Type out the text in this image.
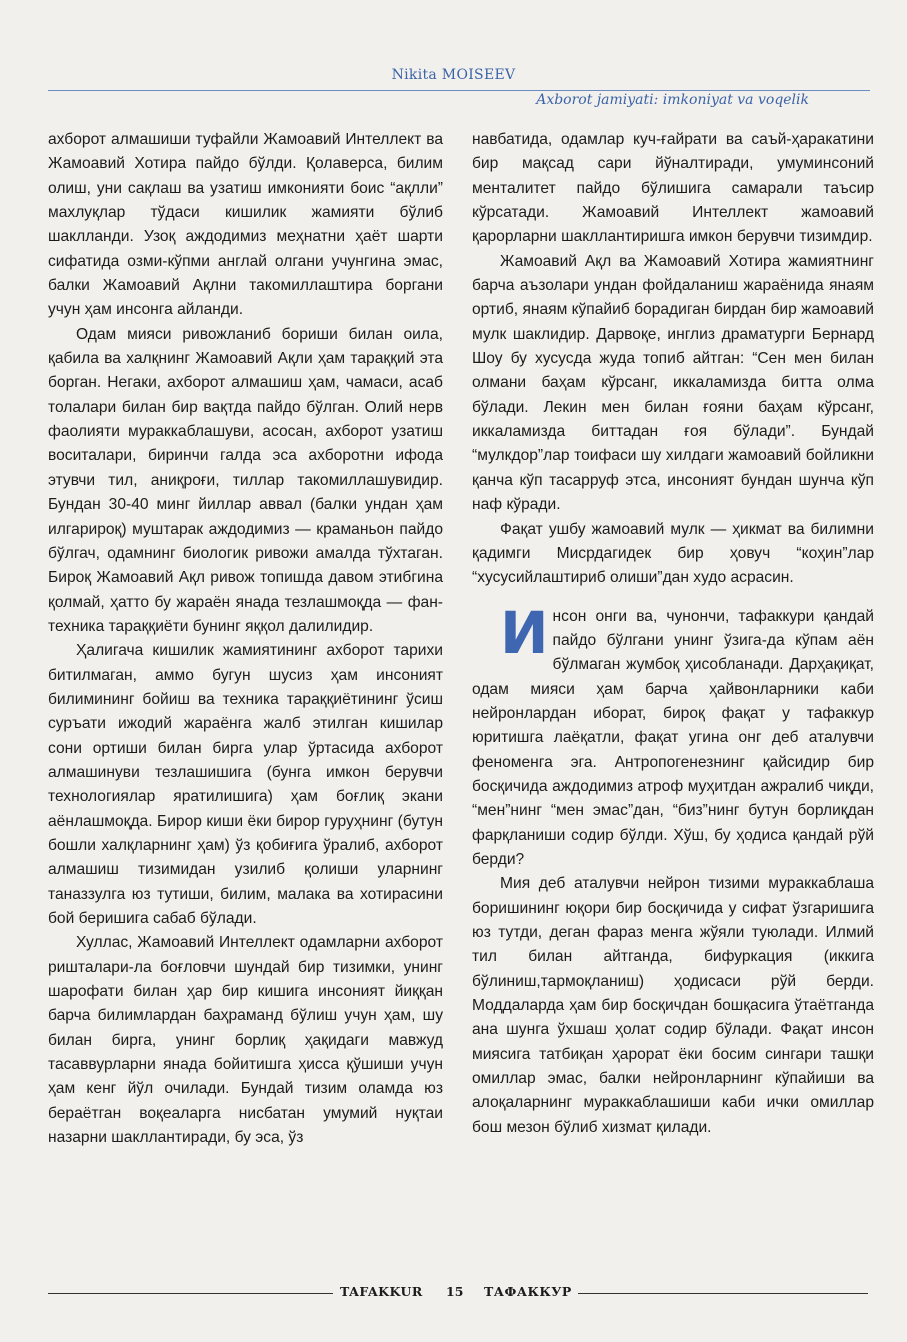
Nikita MOISEEV
Axborot jamiyati: imkoniyat va voqelik

ахборот алмашиши туфайли Жамоавий Интеллект ва Жамоавий Хотира пайдо бўлди. Қолаверса, билим олиш, уни сақлаш ва узатиш имконияти боис “ақлли” махлуқлар тўдаси кишилик жамияти бўлиб шаклланди. Узоқ аждодимиз меҳнатни ҳаёт шарти сифатида озми-кўпми англай олгани учунгина эмас, балки Жамоавий Ақлни такомиллаштира боргани учун ҳам инсонга айланди.

Одам мияси ривожланиб бориши билан оила, қабила ва халқнинг Жамоавий Ақли ҳам тараққий эта борган. Негаки, ахборот алмашиш ҳам, чамаси, асаб толалари билан бир вақтда пайдо бўлган. Олий нерв фаолияти мураккаблашуви, асосан, ахборот узатиш воситалари, биринчи галда эса ахборотни ифода этувчи тил, аниқроғи, тиллар такомиллашувидир. Бундан 30-40 минг йиллар аввал (балки ундан ҳам илгарироқ) муштарак аждодимиз — краманьон пайдо бўлгач, одамнинг биологик ривожи амалда тўхтаган. Бироқ Жамоавий Ақл ривож топишда давом этибгина қолмай, ҳатто бу жараён янада тезлашмоқда — фан-техника тараққиёти бунинг яққол далилидир.

Ҳалигача кишилик жамиятининг ахборот тарихи битилмаган, аммо бугун шусиз ҳам инсоният билимининг бойиш ва техника тараққиётининг ўсиш суръати ижодий жараёнга жалб этилган кишилар сони ортиши билан бирга улар ўртасида ахборот алмашинуви тезлашишига (бунга имкон берувчи технологиялар яратилишига) ҳам боғлиқ экани аёнлашмоқда. Бирор киши ёки бирор гуруҳнинг (бутун бошли халқларнинг ҳам) ўз қобиғига ўралиб, ахборот алмашиш тизимидан узилиб қолиши уларнинг таназзулга юз тутиши, билим, малака ва хотирасини бой беришига сабаб бўлади.

Хуллас, Жамоавий Интеллект одамларни ахборот ришталари-ла боғловчи шундай бир тизимки, унинг шарофати билан ҳар бир кишига инсоният йиққан барча билимлардан баҳраманд бўлиш учун ҳам, шу билан бирга, унинг борлиқ ҳақидаги мавжуд тасаввурларни янада бойитишга ҳисса қўшиши учун ҳам кенг йўл очилади. Бундай тизим оламда юз бераётган воқеаларга нисбатан умумий нуқтаи назарни шакллантиради, бу эса, ўз

навбатида, одамлар куч-ғайрати ва саъй-ҳаракатини бир мақсад сари йўналтиради, умуминсоний менталитет пайдо бўлишига самарали таъсир кўрсатади. Жамоавий Интеллект жамоавий қарорларни шакллантиришга имкон берувчи тизимдир.

Жамоавий Ақл ва Жамоавий Хотира жамиятнинг барча аъзолари ундан фойдаланиш жараёнида янаям ортиб, янаям кўпайиб борадиган бирдан бир жамоавий мулк шаклидир. Дарвоқе, инглиз драматурги Бернард Шоу бу хусусда жуда топиб айтган: “Сен мен билан олмани баҳам кўрсанг, иккаламизда битта олма бўлади. Лекин мен билан ғояни баҳам кўрсанг, иккаламизда биттадан ғоя бўлади”. Бундай “мулкдор”лар тоифаси шу хилдаги жамоавий бойликни қанча кўп тасарруф этса, инсоният бундан шунча кўп наф кўради.

Фақат ушбу жамоавий мулк — ҳикмат ва билимни қадимги Мисрдагидек бир ҳовуч “коҳин”лар “хусусийлаштириб олиши”дан худо асрасин.

Инсон онги ва, чунончи, тафаккури қандай пайдо бўлгани унинг ўзига-да кўпам аён бўлмаган жумбоқ ҳисобланади. Дарҳақиқат, одам мияси ҳам барча ҳайвонларники каби нейронлардан иборат, бироқ фақат у тафаккур юритишга лаёқатли, фақат угина онг деб аталувчи феноменга эга. Антропогенезнинг қайсидир бир босқичида аждодимиз атроф муҳитдан ажралиб чиқди, “мен”нинг “мен эмас”дан, “биз”нинг бутун борлиқдан фарқланиши содир бўлди. Хўш, бу ҳодиса қандай рўй берди?

Мия деб аталувчи нейрон тизими мураккаблаша боришининг юқори бир босқичида у сифат ўзгаришига юз тутди, деган фараз менга жўяли туюлади. Илмий тил билан айтганда, бифуркация (иккига бўлиниш,тармоқланиш) ҳодисаси рўй берди. Моддаларда ҳам бир босқичдан бошқасига ўтаётганда ана шунга ўхшаш ҳолат содир бўлади. Фақат инсон миясига татбиқан ҳарорат ёки босим сингари ташқи омиллар эмас, балки нейронларнинг кўпайиши ва алоқаларнинг мураккаблашиши каби ички омиллар бош мезон бўлиб хизмат қилади.

TAFAKKUR 15 ТАФАККУР
